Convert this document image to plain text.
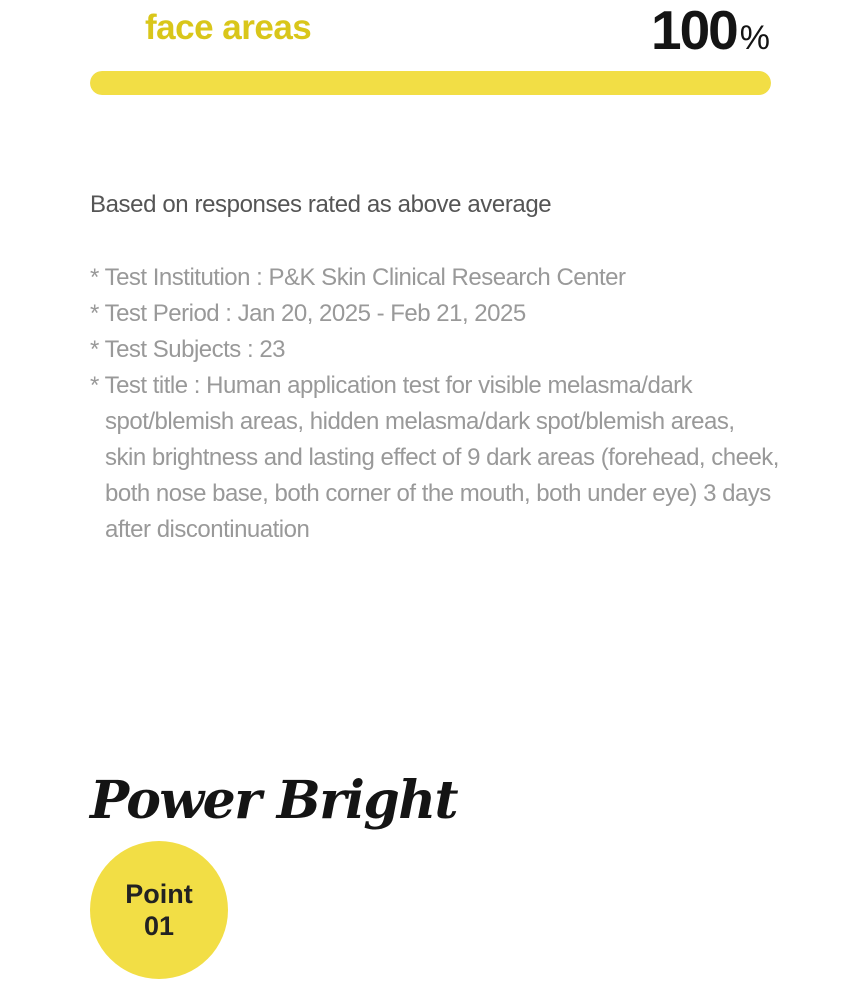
face areas	100%
Based on responses rated as above average
* Test Institution : P&K Skin Clinical Research Center
* Test Period : Jan 20, 2025 - Feb 21, 2025
* Test Subjects : 23
* Test title : Human application test for visible melasma/dark spot/blemish areas, hidden melasma/dark spot/blemish areas, skin brightness and lasting effect of 9 dark areas (forehead, cheek, both nose base, both corner of the mouth, both under eye) 3 days after discontinuation
Power Bright
Point
01
